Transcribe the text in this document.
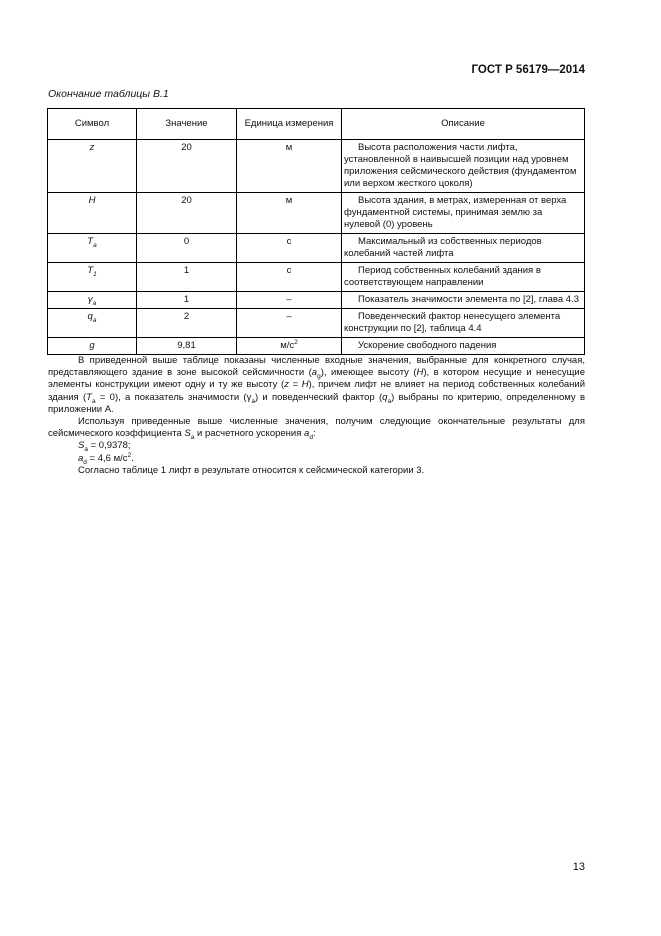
ГОСТ Р 56179—2014
Окончание таблицы В.1
Символ	Значение	Единица измерения	Описание
z	20	м	Высота расположения части лифта, установленной в наивысшей позиции над уровнем приложения сейсмического действия (фундаментом или верхом жесткого цоколя)
H	20	м	Высота здания, в метрах, измеренная от верха фундаментной системы, принимая землю за нулевой (0) уровень
$T_a$	0	с	Максимальный из собственных периодов колебаний частей лифта
$T_1$	1	с	Период собственных колебаний здания в соответствующем направлении
$\gamma_a$	1	–	Показатель значимости элемента по [2], глава 4.3
$q_a$	2	–	Поведенческий фактор ненесущего элемента конструкции по [2], таблица 4.4
g	9,81	$м/с^2$	Ускорение свободного падения

В приведенной выше таблице показаны численные входные значения, выбранные для конкретного случая, представляющего здание в зоне высокой сейсмичности $(a_g)$, имеющее высоту (H), в котором несущие и ненесущие элементы конструкции имеют одну и ту же высоту (z = H), причем лифт не влияет на период собственных колебаний здания $(T_a = 0)$, а показатель значимости $(\gamma_a)$ и поведенческий фактор $(q_a)$ выбраны по критерию, определенному в приложении А.

Используя приведенные выше численные значения, получим следующие окончательные результаты для сейсмического коэффициента $S_a$ и расчетного ускорения $a_d$:

$S_a = 0,9378$;

$a_d = 4,6$ $м/с^2$.

Согласно таблице 1 лифт в результате относится к сейсмической категории 3.

13
